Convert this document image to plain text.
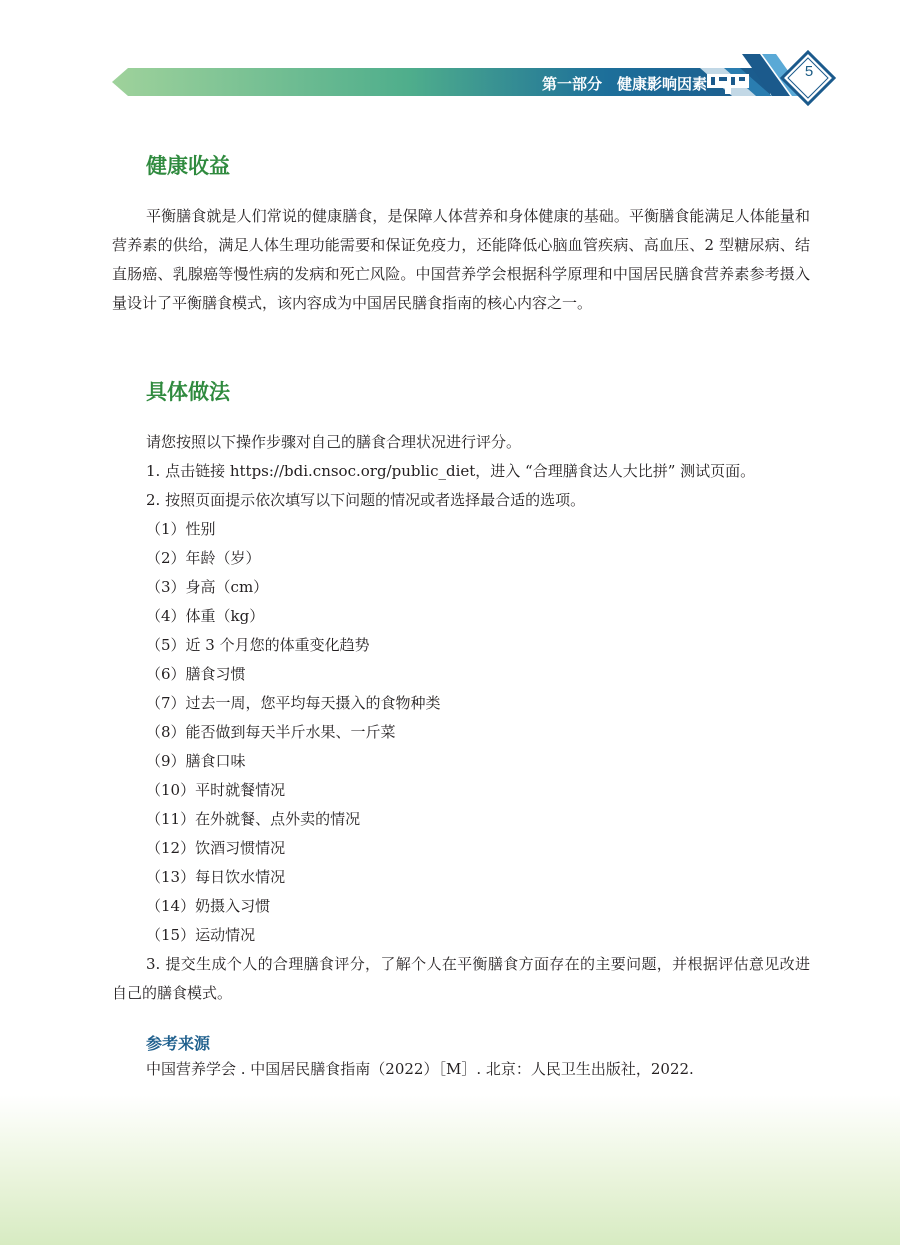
第一部分　健康影响因素
5
健康收益

平衡膳食就是人们常说的健康膳食，是保障人体营养和身体健康的基础。平衡膳食能满足人体能量和营养素的供给，满足人体生理功能需要和保证免疫力，还能降低心脑血管疾病、高血压、2 型糖尿病、结直肠癌、乳腺癌等慢性病的发病和死亡风险。中国营养学会根据科学原理和中国居民膳食营养素参考摄入量设计了平衡膳食模式，该内容成为中国居民膳食指南的核心内容之一。

具体做法
请您按照以下操作步骤对自己的膳食合理状况进行评分。
1. 点击链接 https://bdi.cnsoc.org/public_diet，进入 “合理膳食达人大比拼” 测试页面。
2. 按照页面提示依次填写以下问题的情况或者选择最合适的选项。
（1）性别
（2）年龄（岁）
（3）身高（cm）
（4）体重（kg）
（5）近 3 个月您的体重变化趋势
（6）膳食习惯
（7）过去一周，您平均每天摄入的食物种类
（8）能否做到每天半斤水果、一斤菜
（9）膳食口味
（10）平时就餐情况
（11）在外就餐、点外卖的情况
（12）饮酒习惯情况
（13）每日饮水情况
（14）奶摄入习惯
（15）运动情况
3. 提交生成个人的合理膳食评分，了解个人在平衡膳食方面存在的主要问题，并根据评估意见改进自己的膳食模式。
参考来源

中国营养学会 . 中国居民膳食指南（2022）［M］. 北京：人民卫生出版社，2022.
